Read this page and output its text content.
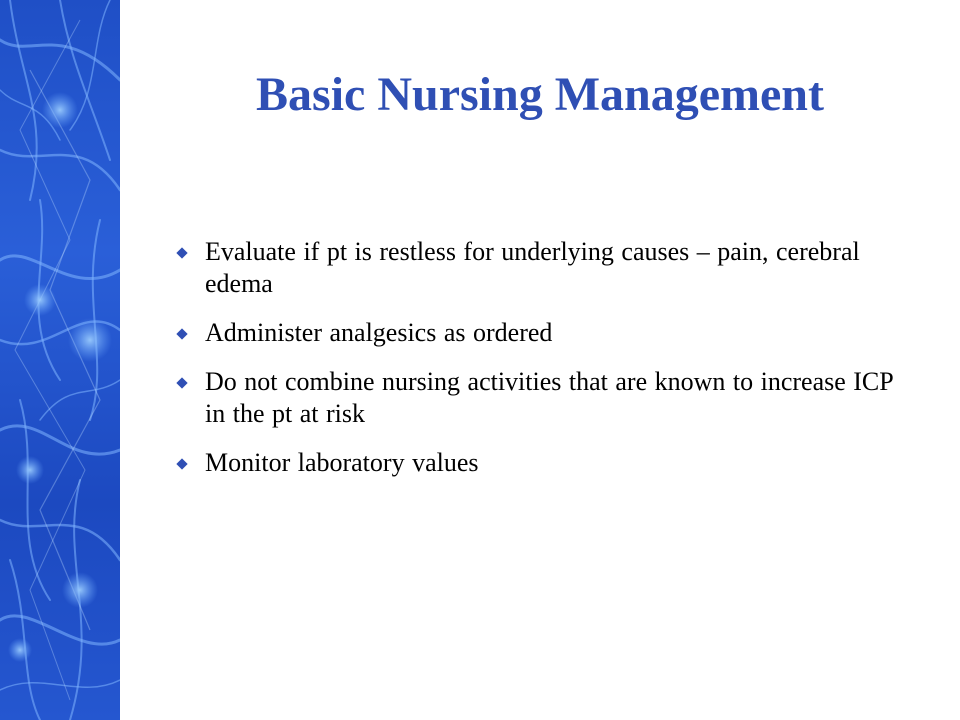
Basic Nursing Management
Evaluate if pt is restless for underlying causes – pain, cerebral edema
Administer analgesics as ordered
Do not combine nursing activities that are known to increase ICP in the pt at risk
Monitor laboratory values
